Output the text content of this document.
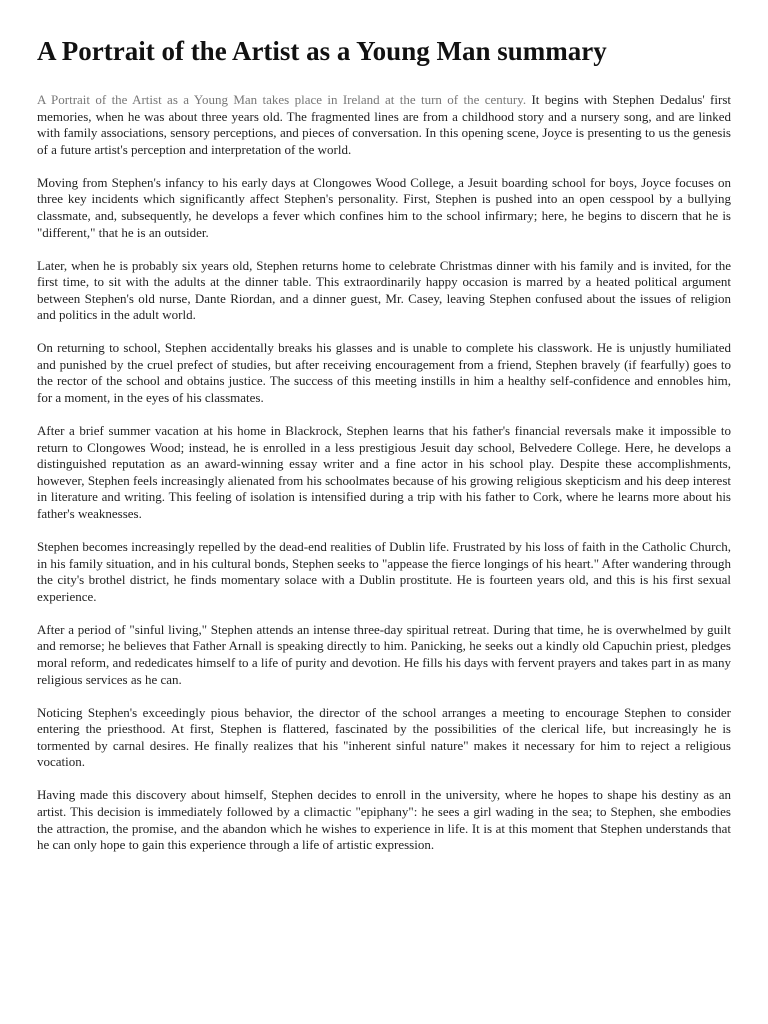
A Portrait of the Artist as a Young Man summary

A Portrait of the Artist as a Young Man takes place in Ireland at the turn of the century. It begins with Stephen Dedalus' first memories, when he was about three years old. The fragmented lines are from a childhood story and a nursery song, and are linked with family associations, sensory perceptions, and pieces of conversation. In this opening scene, Joyce is presenting to us the genesis of a future artist's perception and interpretation of the world.

Moving from Stephen's infancy to his early days at Clongowes Wood College, a Jesuit boarding school for boys, Joyce focuses on three key incidents which significantly affect Stephen's personality. First, Stephen is pushed into an open cesspool by a bullying classmate, and, subsequently, he develops a fever which confines him to the school infirmary; here, he begins to discern that he is "different," that he is an outsider.

Later, when he is probably six years old, Stephen returns home to celebrate Christmas dinner with his family and is invited, for the first time, to sit with the adults at the dinner table. This extraordinarily happy occasion is marred by a heated political argument between Stephen's old nurse, Dante Riordan, and a dinner guest, Mr. Casey, leaving Stephen confused about the issues of religion and politics in the adult world.

On returning to school, Stephen accidentally breaks his glasses and is unable to complete his classwork. He is unjustly humiliated and punished by the cruel prefect of studies, but after receiving encouragement from a friend, Stephen bravely (if fearfully) goes to the rector of the school and obtains justice. The success of this meeting instills in him a healthy self-confidence and ennobles him, for a moment, in the eyes of his classmates.

After a brief summer vacation at his home in Blackrock, Stephen learns that his father's financial reversals make it impossible to return to Clongowes Wood; instead, he is enrolled in a less prestigious Jesuit day school, Belvedere College. Here, he develops a distinguished reputation as an award-winning essay writer and a fine actor in his school play. Despite these accomplishments, however, Stephen feels increasingly alienated from his schoolmates because of his growing religious skepticism and his deep interest in literature and writing. This feeling of isolation is intensified during a trip with his father to Cork, where he learns more about his father's weaknesses.

Stephen becomes increasingly repelled by the dead-end realities of Dublin life. Frustrated by his loss of faith in the Catholic Church, in his family situation, and in his cultural bonds, Stephen seeks to "appease the fierce longings of his heart." After wandering through the city's brothel district, he finds momentary solace with a Dublin prostitute. He is fourteen years old, and this is his first sexual experience.

After a period of "sinful living," Stephen attends an intense three-day spiritual retreat. During that time, he is overwhelmed by guilt and remorse; he believes that Father Arnall is speaking directly to him. Panicking, he seeks out a kindly old Capuchin priest, pledges moral reform, and rededicates himself to a life of purity and devotion. He fills his days with fervent prayers and takes part in as many religious services as he can.

Noticing Stephen's exceedingly pious behavior, the director of the school arranges a meeting to encourage Stephen to consider entering the priesthood. At first, Stephen is flattered, fascinated by the possibilities of the clerical life, but increasingly he is tormented by carnal desires. He finally realizes that his "inherent sinful nature" makes it necessary for him to reject a religious vocation.

Having made this discovery about himself, Stephen decides to enroll in the university, where he hopes to shape his destiny as an artist. This decision is immediately followed by a climactic "epiphany": he sees a girl wading in the sea; to Stephen, she embodies the attraction, the promise, and the abandon which he wishes to experience in life. It is at this moment that Stephen understands that he can only hope to gain this experience through a life of artistic expression.
